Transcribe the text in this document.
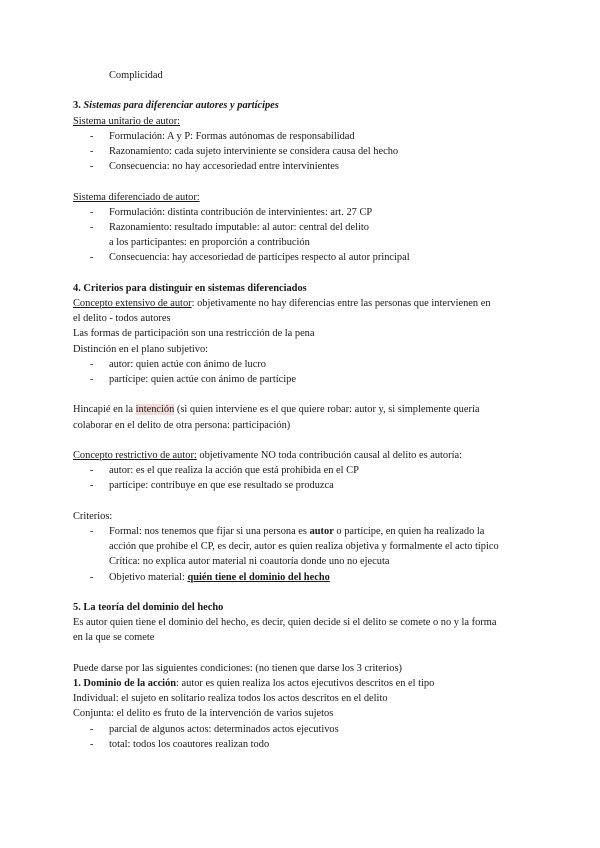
Complicidad
3. Sistemas para diferenciar autores y partícipes
Sistema unitario de autor:
- Formulación: A y P: Formas autónomas de responsabilidad
- Razonamiento: cada sujeto interviniente se considera causa del hecho
- Consecuencia: no hay accesoriedad entre intervinientes
Sistema diferenciado de autor:
- Formulación: distinta contribución de intervinientes: art. 27 CP
- Razonamiento: resultado imputable: al autor: central del delito
a los participantes: en proporción a contribución
- Consecuencia: hay accesoriedad de partícipes respecto al autor principal
4. Criterios para distinguir en sistemas diferenciados
Concepto extensivo de autor: objetivamente no hay diferencias entre las personas que intervienen en
el delito - todos autores
Las formas de participación son una restricción de la pena
Distinción en el plano subjetivo:
- autor: quien actúe con ánimo de lucro
- partícipe: quien actúe con ánimo de partícipe
Hincapié en la intención (si quien interviene es el que quiere robar: autor y, si simplemente quería
colaborar en el delito de otra persona: participación)
Concepto restrictivo de autor: objetivamente NO toda contribución causal al delito es autoría:
- autor: es el que realiza la acción que está prohibida en el CP
- partícipe: contribuye en que ese resultado se produzca
Criterios:
- Formal: nos tenemos que fijar si una persona es autor o partícipe, en quien ha realizado la
acción que prohíbe el CP, es decir, autor es quien realiza objetiva y formalmente el acto típico
Crítica: no explica autor material ni coautoría donde uno no ejecuta
- Objetivo material: quién tiene el dominio del hecho
5. La teoría del dominio del hecho
Es autor quien tiene el dominio del hecho, es decir, quien decide si el delito se comete o no y la forma
en la que se comete
Puede darse por las siguientes condiciones: (no tienen que darse los 3 criterios)
1. Dominio de la acción: autor es quien realiza los actos ejecutivos descritos en el tipo
Individual: el sujeto en solitario realiza todos los actos descritos en el delito
Conjunta: el delito es fruto de la intervención de varios sujetos
- parcial de algunos actos: determinados actos ejecutivos
- total: todos los coautores realizan todo
